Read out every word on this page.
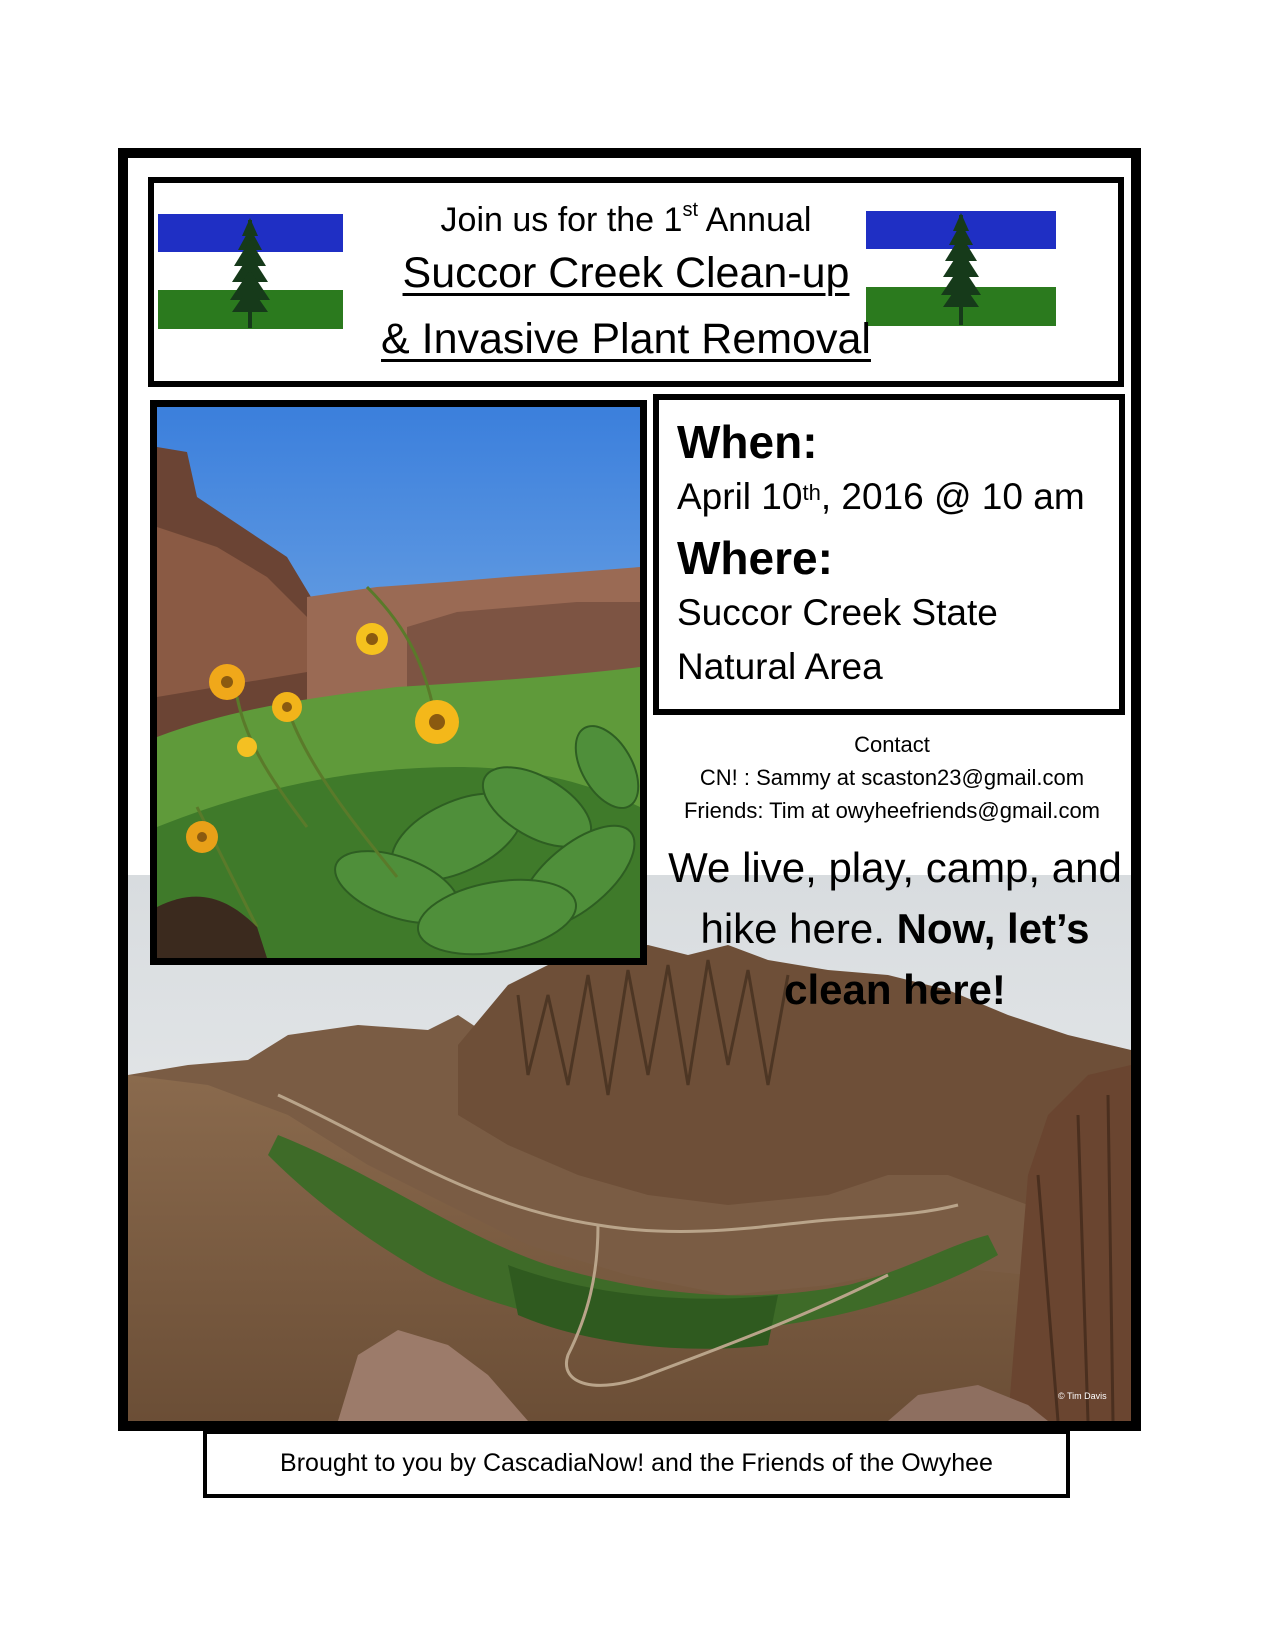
© Tim Davis
Join us for the 1st Annual
Succor Creek Clean-up
& Invasive Plant Removal
When:
April 10th, 2016 @ 10 am
Where:
Succor Creek State
Natural Area
Contact
CN! : Sammy at scaston23@gmail.com
Friends: Tim at owyheefriends@gmail.com
We live, play, camp, and
hike here. Now, let’s
clean here!
Brought to you by CascadiaNow! and the Friends of the Owyhee
